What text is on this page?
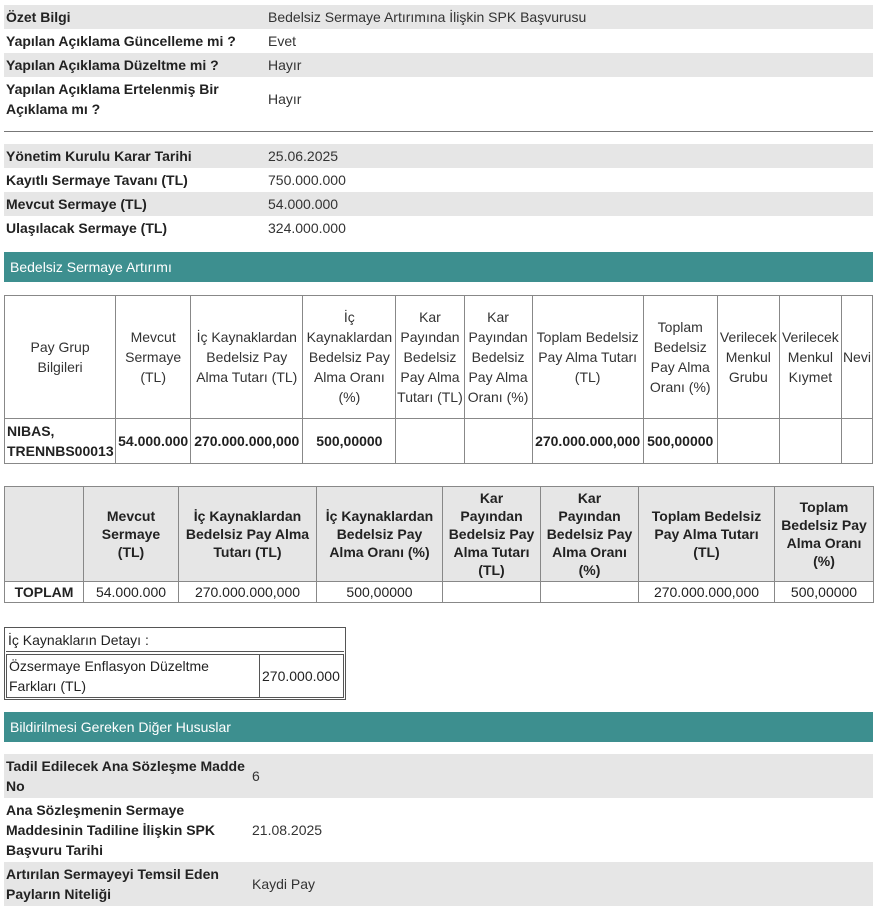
Özet Bilgi	Bedelsiz Sermaye Artırımına İlişkin SPK Başvurusu
Yapılan Açıklama Güncelleme mi ?	Evet
Yapılan Açıklama Düzeltme mi ?	Hayır
Yapılan Açıklama Ertelenmiş Bir Açıklama mı ?	Hayır
Yönetim Kurulu Karar Tarihi	25.06.2025
Kayıtlı Sermaye Tavanı (TL)	750.000.000
Mevcut Sermaye (TL)	54.000.000
Ulaşılacak Sermaye (TL)	324.000.000
Bedelsiz Sermaye Artırımı
Pay Grup Bilgileri	Mevcut Sermaye (TL)	İç Kaynaklardan Bedelsiz Pay Alma Tutarı (TL)	İç Kaynaklardan Bedelsiz Pay Alma Oranı (%)	Kar Payından Bedelsiz Pay Alma Tutarı (TL)	Kar Payından Bedelsiz Pay Alma Oranı (%)	Toplam Bedelsiz Pay Alma Tutarı (TL)	Toplam Bedelsiz Pay Alma Oranı (%)	Verilecek Menkul Grubu	Verilecek Menkul Kıymet	Nevi
NIBAS, TRENNBS00013	54.000.000	270.000.000,000	500,00000			270.000.000,000	500,00000			
	Mevcut Sermaye (TL)	İç Kaynaklardan Bedelsiz Pay Alma Tutarı (TL)	İç Kaynaklardan Bedelsiz Pay Alma Oranı (%)	Kar Payından Bedelsiz Pay Alma Tutarı (TL)	Kar Payından Bedelsiz Pay Alma Oranı (%)	Toplam Bedelsiz Pay Alma Tutarı (TL)	Toplam Bedelsiz Pay Alma Oranı (%)
TOPLAM	54.000.000	270.000.000,000	500,00000			270.000.000,000	500,00000
İç Kaynakların Detayı :
Özsermaye Enflasyon Düzeltme Farkları (TL)	270.000.000
Bildirilmesi Gereken Diğer Hususlar
Tadil Edilecek Ana Sözleşme Madde No	6
Ana Sözleşmenin Sermaye Maddesinin Tadiline İlişkin SPK Başvuru Tarihi	21.08.2025
Artırılan Sermayeyi Temsil Eden Payların Niteliği	Kaydi Pay
